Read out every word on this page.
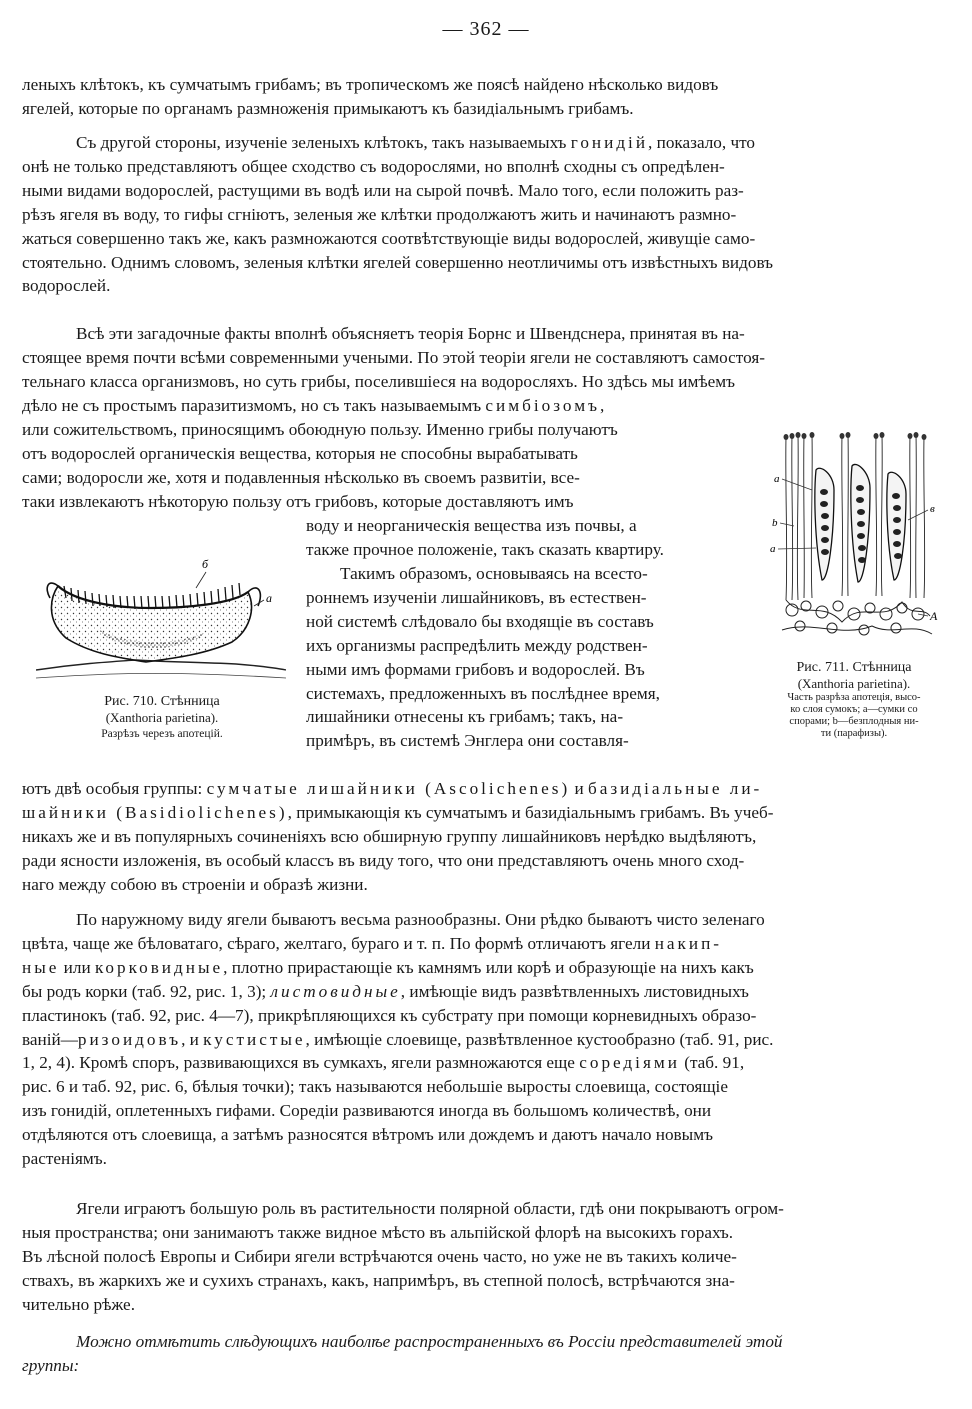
— 362 —
леныхъ клѣтокъ, къ сумчатымъ грибамъ; въ тропическомъ же поясѣ найдено нѣсколько видовъ
ягелей, которые по органамъ размноженія примыкаютъ къ базидіальнымъ грибамъ.
Съ другой стороны, изученіе зеленыхъ клѣтокъ, такъ называемыхъ гонидій, показало, что
онѣ не только представляютъ общее сходство съ водорослями, но вполнѣ сходны съ опредѣлен-
ными видами водорослей, растущими въ водѣ или на сырой почвѣ. Мало того, если положить раз-
рѣзъ ягеля въ воду, то гифы сгніютъ, зеленыя же клѣтки продолжаютъ жить и начинаютъ размно-
жаться совершенно такъ же, какъ размножаются соотвѣтствующіе виды водорослей, живущіе само-
стоятельно. Однимъ словомъ, зеленыя клѣтки ягелей совершенно неотличимы отъ извѣстныхъ видовъ
водорослей.
Всѣ эти загадочные факты вполнѣ объясняетъ теорія Борнс и Швендснера, принятая въ на-
стоящее время почти всѣми современными учеными. По этой теоріи ягели не составляютъ самостоя-
тельнаго класса организмовъ, но суть грибы, поселившіеся на водоросляхъ. Но здѣсь мы имѣемъ
дѣло не съ простымъ паразитизмомъ, но съ такъ называемымъ симбіозомъ,
или сожительствомъ, приносящимъ обоюдную пользу. Именно грибы получаютъ
отъ водорослей органическія вещества, которыя не способны вырабатывать
сами; водоросли же, хотя и подавленныя нѣсколько въ своемъ развитіи, все-
таки извлекаютъ нѣкоторую пользу отъ грибовъ, которые доставляютъ имъ
воду и неорганическія вещества изъ почвы, а
также прочное положеніе, такъ сказать квартиру.
Такимъ образомъ, основываясь на всесто-
роннемъ изученіи лишайниковъ, въ естествен-
ной системѣ слѣдовало бы входящіе въ составъ
ихъ организмы распредѣлить между родствен-
ными имъ формами грибовъ и водорослей. Въ
системахъ, предложенныхъ въ послѣднее время,
лишайники отнесены къ грибамъ; такъ, на-
примѣръ, въ системѣ Энглера они составля-
ютъ двѣ особыя группы: сумчатые лишайники (Ascolichenes) и базидіальные ли-
шайники (Basidiolichenes), примыкающія къ сумчатымъ и базидіальнымъ грибамъ. Въ учеб-
никахъ же и въ популярныхъ сочиненіяхъ всю обширную группу лишайниковъ нерѣдко выдѣляютъ,
ради ясности изложенія, въ особый классъ въ виду того, что они представляютъ очень много сход-
наго между собою въ строеніи и образѣ жизни.
По наружному виду ягели бываютъ весьма разнообразны. Они рѣдко бываютъ чисто зеленаго
цвѣта, чаще же бѣловатаго, сѣраго, желтаго, бураго и т. п. По формѣ отличаютъ ягели накип-
ные или корковидные, плотно прирастающіе къ камнямъ или корѣ и образующіе на нихъ какъ
бы родъ корки (таб. 92, рис. 1, 3); листовидные, имѣющіе видъ развѣтвленныхъ листовидныхъ
пластинокъ (таб. 92, рис. 4—7), прикрѣпляющихся къ субстрату при помощи корневидныхъ образо-
ваній—ризоидовъ, и кустистые, имѣющіе слоевище, развѣтвленное кустообразно (таб. 91, рис.
1, 2, 4). Кромѣ споръ, развивающихся въ сумкахъ, ягели размножаются еще соредіями (таб. 91,
рис. 6 и таб. 92, рис. 6, бѣлыя точки); такъ называются небольшіе выросты слоевища, состоящіе
изъ гонидій, оплетенныхъ гифами. Соредіи развиваются иногда въ большомъ количествѣ, они
отдѣляются отъ слоевища, а затѣмъ разносятся вѣтромъ или дождемъ и даютъ начало новымъ
растеніямъ.
Ягели играютъ большую роль въ растительности полярной области, гдѣ они покрываютъ огром-
ныя пространства; они занимаютъ также видное мѣсто въ альпійской флорѣ на высокихъ горахъ.
Въ лѣсной полосѣ Европы и Сибири ягели встрѣчаются очень часто, но уже не въ такихъ количе-
ствахъ, въ жаркихъ же и сухихъ странахъ, какъ, напримѣръ, въ степной полосѣ, встрѣчаются зна-
чительно рѣже.
Можно отмѣтить слѣдующихъ наиболѣе распространенныхъ въ Россіи представителей этой
группы:
б
а
Рис. 710. Стѣнница
(Xanthoria parietina).
Разрѣзъ черезъ апотецій.
а
b
а
в
A
Рис. 711. Стѣнница
(Xanthoria parietina).
Часть разрѣза апотеція, высо-
ко слоя сумокъ; а—сумки со
спорами; b—безплодныя ни-
ти (парафизы).
